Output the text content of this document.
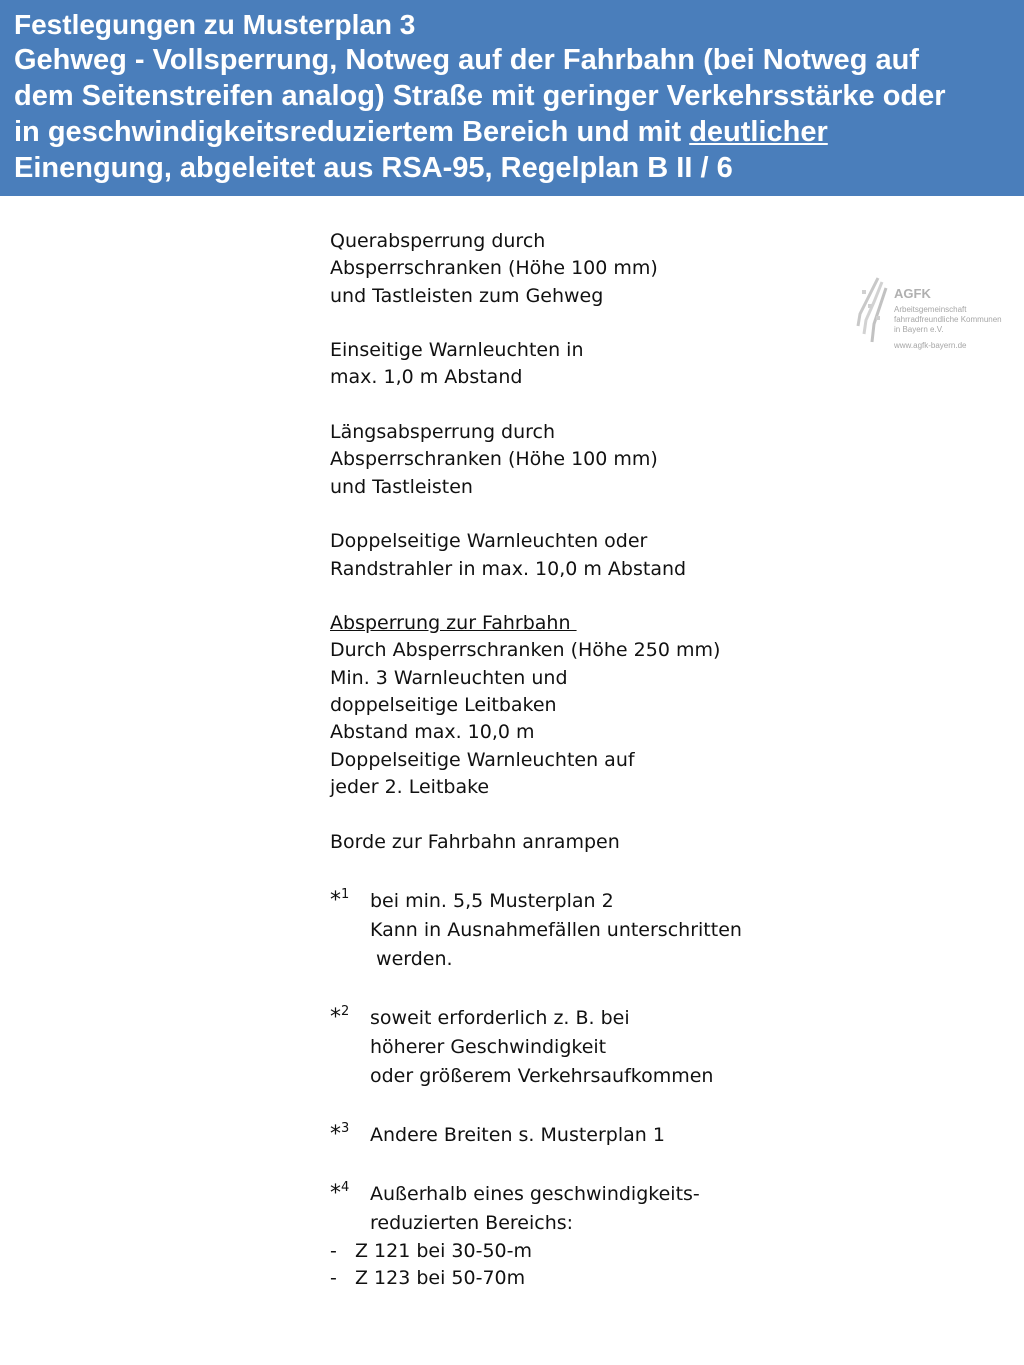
Festlegungen zu Musterplan 3
Gehweg - Vollsperrung, Notweg auf der Fahrbahn (bei Notweg auf
dem Seitenstreifen analog) Straße mit geringer Verkehrsstärke oder
in geschwindigkeitsreduziertem Bereich und mit deutlicher
Einengung, abgeleitet aus RSA-95, Regelplan B II / 6
AGFK
Arbeitsgemeinschaft
fahrradfreundliche Kommunen
in Bayern e.V.
www.agfk-bayern.de
Querabsperrung durch
Absperrschranken (Höhe 100 mm)
und Tastleisten zum Gehweg
Einseitige Warnleuchten in
max. 1,0 m Abstand
Längsabsperrung durch
Absperrschranken (Höhe 100 mm)
und Tastleisten
Doppelseitige Warnleuchten oder
Randstrahler in max. 10,0 m Abstand
Absperrung zur Fahrbahn
Durch Absperrschranken (Höhe 250 mm)
Min. 3 Warnleuchten und
doppelseitige Leitbaken
Abstand max. 10,0 m
Doppelseitige Warnleuchten auf
jeder 2. Leitbake
Borde zur Fahrbahn anrampen
*$^1$ bei min. 5,5 Musterplan 2
Kann in Ausnahmefällen unterschritten
werden.
*$^2$ soweit erforderlich z. B. bei
höherer Geschwindigkeit
oder größerem Verkehrsaufkommen
*$^3$ Andere Breiten s. Musterplan 1
*$^4$ Außerhalb eines geschwindigkeits-
reduzierten Bereichs:
- Z 121 bei 30-50-m
- Z 123 bei 50-70m
